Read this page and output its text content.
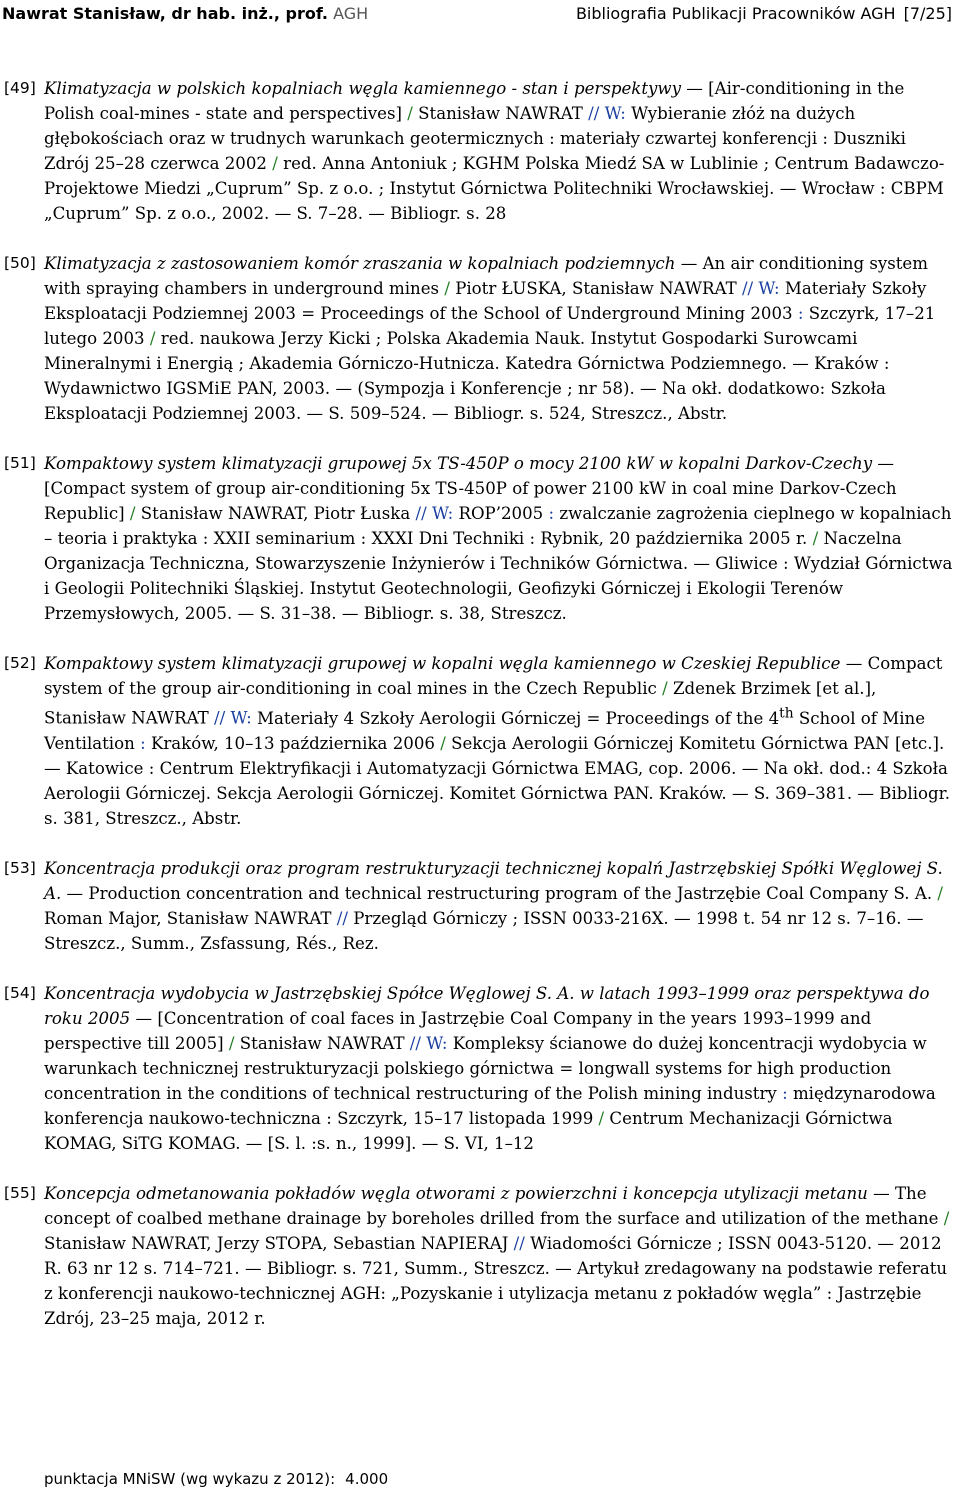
Nawrat Stanisław, dr hab. inż., prof. AGH	Bibliografia Publikacji Pracowników AGH [7/25]
[49] Klimatyzacja w polskich kopalniach węgla kamiennego - stan i perspektywy — [Air-conditioning in the Polish coal-mines - state and perspectives] / Stanisław NAWRAT // W: Wybieranie złóż na dużych głębokościach oraz w trudnych warunkach geotermicznych : materiały czwartej konferencji : Duszniki Zdrój 25–28 czerwca 2002 / red. Anna Antoniuk ; KGHM Polska Miedź SA w Lublinie ; Centrum Badawczo-Projektowe Miedzi „Cuprum” Sp. z o.o. ; Instytut Górnictwa Politechniki Wrocławskiej. — Wrocław : CBPM „Cuprum” Sp. z o.o., 2002. — S. 7–28. — Bibliogr. s. 28
[50] Klimatyzacja z zastosowaniem komór zraszania w kopalniach podziemnych — An air conditioning system with spraying chambers in underground mines / Piotr ŁUSKA, Stanisław NAWRAT // W: Materiały Szkoły Eksploatacji Podziemnej 2003 = Proceedings of the School of Underground Mining 2003 : Szczyrk, 17–21 lutego 2003 / red. naukowa Jerzy Kicki ; Polska Akademia Nauk. Instytut Gospodarki Surowcami Mineralnymi i Energią ; Akademia Górniczo-Hutnicza. Katedra Górnictwa Podziemnego. — Kraków : Wydawnictwo IGSMiE PAN, 2003. — (Sympozja i Konferencje ; nr 58). — Na okł. dodatkowo: Szkoła Eksploatacji Podziemnej 2003. — S. 509–524. — Bibliogr. s. 524, Streszcz., Abstr.
[51] Kompaktowy system klimatyzacji grupowej 5x TS-450P o mocy 2100 kW w kopalni Darkov-Czechy — [Compact system of group air-conditioning 5x TS-450P of power 2100 kW in coal mine Darkov-Czech Republic] / Stanisław NAWRAT, Piotr Łuska // W: ROP’2005 : zwalczanie zagrożenia cieplnego w kopalniach – teoria i praktyka : XXII seminarium : XXXI Dni Techniki : Rybnik, 20 października 2005 r. / Naczelna Organizacja Techniczna, Stowarzyszenie Inżynierów i Techników Górnictwa. — Gliwice : Wydział Górnictwa i Geologii Politechniki Śląskiej. Instytut Geotechnologii, Geofizyki Górniczej i Ekologii Terenów Przemysłowych, 2005. — S. 31–38. — Bibliogr. s. 38, Streszcz.
[52] Kompaktowy system klimatyzacji grupowej w kopalni węgla kamiennego w Czeskiej Republice — Compact system of the group air-conditioning in coal mines in the Czech Republic / Zdenek Brzimek [et al.], Stanisław NAWRAT // W: Materiały 4 Szkoły Aerologii Górniczej = Proceedings of the 4th School of Mine Ventilation : Kraków, 10–13 października 2006 / Sekcja Aerologii Górniczej Komitetu Górnictwa PAN [etc.]. — Katowice : Centrum Elektryfikacji i Automatyzacji Górnictwa EMAG, cop. 2006. — Na okł. dod.: 4 Szkoła Aerologii Górniczej. Sekcja Aerologii Górniczej. Komitet Górnictwa PAN. Kraków. — S. 369–381. — Bibliogr. s. 381, Streszcz., Abstr.
[53] Koncentracja produkcji oraz program restrukturyzacji technicznej kopalń Jastrzębskiej Spółki Węglowej S. A. — Production concentration and technical restructuring program of the Jastrzębie Coal Company S. A. / Roman Major, Stanisław NAWRAT // Przegląd Górniczy ; ISSN 0033-216X. — 1998 t. 54 nr 12 s. 7–16. — Streszcz., Summ., Zsfassung, Rés., Rez.
[54] Koncentracja wydobycia w Jastrzębskiej Spółce Węglowej S. A. w latach 1993–1999 oraz perspektywa do roku 2005 — [Concentration of coal faces in Jastrzębie Coal Company in the years 1993–1999 and perspective till 2005] / Stanisław NAWRAT // W: Kompleksy ścianowe do dużej koncentracji wydobycia w warunkach technicznej restrukturyzacji polskiego górnictwa = longwall systems for high production concentration in the conditions of technical restructuring of the Polish mining industry : międzynarodowa konferencja naukowo-techniczna : Szczyrk, 15–17 listopada 1999 / Centrum Mechanizacji Górnictwa KOMAG, SiTG KOMAG. — [S. l. :s. n., 1999]. — S. VI, 1–12
[55] Koncepcja odmetanowania pokładów węgla otworami z powierzchni i koncepcja utylizacji metanu — The concept of coalbed methane drainage by boreholes drilled from the surface and utilization of the methane / Stanisław NAWRAT, Jerzy STOPA, Sebastian NAPIERAJ // Wiadomości Górnicze ; ISSN 0043-5120. — 2012 R. 63 nr 12 s. 714–721. — Bibliogr. s. 721, Summ., Streszcz. — Artykuł zredagowany na podstawie referatu z konferencji naukowo-technicznej AGH: „Pozyskanie i utylizacja metanu z pokładów węgla” : Jastrzębie Zdrój, 23–25 maja, 2012 r.
punktacja MNiSW (wg wykazu z 2012): 4.000
